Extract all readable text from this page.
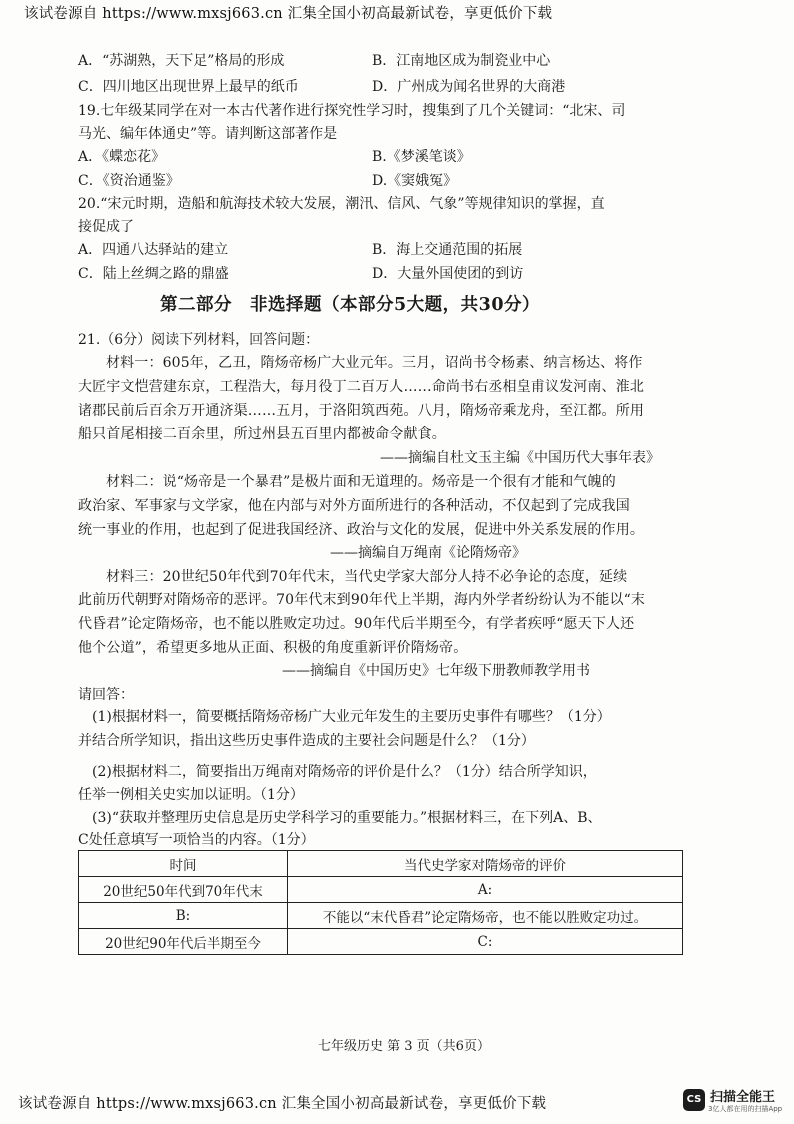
该试卷源自 https://www.mxsj663.cn 汇集全国小初高最新试卷，享更低价下载
A．“苏湖熟，天下足”格局的形成	B．江南地区成为制瓷业中心
C．四川地区出现世界上最早的纸币	D．广州成为闻名世界的大商港
19.七年级某同学在对一本古代著作进行探究性学习时，搜集到了几个关键词：“北宋、司
马光、编年体通史”等。请判断这部著作是
A．《蝶恋花》	B.《梦溪笔谈》
C．《资治通鉴》	D.《窦娥冤》
20.“宋元时期，造船和航海技术较大发展，潮汛、信风、气象”等规律知识的掌握，直
接促成了
A．四通八达驿站的建立	B．海上交通范围的拓展
C．陆上丝绸之路的鼎盛	D．大量外国使团的到访
第二部分　非选择题（本部分5大题，共30分）
21.（6分）阅读下列材料，回答问题：
材料一：605年，乙丑，隋炀帝杨广大业元年。三月，诏尚书令杨素、纳言杨达、将作
大匠宇文恺营建东京，工程浩大，每月役丁二百万人……命尚书右丞相皇甫议发河南、淮北
诸郡民前后百余万开通济渠……五月，于洛阳筑西苑。八月，隋炀帝乘龙舟，至江都。所用
船只首尾相接二百余里，所过州县五百里内都被命令献食。
——摘编自杜文玉主编《中国历代大事年表》
材料二：说“炀帝是一个暴君”是极片面和无道理的。炀帝是一个很有才能和气魄的
政治家、军事家与文学家，他在内部与对外方面所进行的各种活动，不仅起到了完成我国
统一事业的作用，也起到了促进我国经济、政治与文化的发展，促进中外关系发展的作用。
——摘编自万绳南《论隋炀帝》
材料三：20世纪50年代到70年代末，当代史学家大部分人持不必争论的态度，延续
此前历代朝野对隋炀帝的恶评。70年代末到90年代上半期，海内外学者纷纷认为不能以“末
代昏君”论定隋炀帝，也不能以胜败定功过。90年代后半期至今，有学者疾呼“愿天下人还
他个公道”，希望更多地从正面、积极的角度重新评价隋炀帝。
——摘编自《中国历史》七年级下册教师教学用书
请回答：
(1)根据材料一，简要概括隋炀帝杨广大业元年发生的主要历史事件有哪些？（1分）
并结合所学知识，指出这些历史事件造成的主要社会问题是什么？（1分）
(2)根据材料二，简要指出万绳南对隋炀帝的评价是什么？（1分）结合所学知识，
任举一例相关史实加以证明。（1分）
(3)“获取并整理历史信息是历史学科学习的重要能力。”根据材料三，在下列A、B、
时间	当代史学家对隋炀帝的评价
20世纪50年代到70年代末	A:
B:	不能以“末代昏君”论定隋炀帝，也不能以胜败定功过。
20世纪90年代后半期至今	C:
七年级历史 第 3 页（共6页）
该试卷源自 https://www.mxsj663.cn 汇集全国小初高最新试卷，享更低价下载	CS 扫描全能王
3亿人都在用的扫描App
C处任意填写一项恰当的内容。（1分）
